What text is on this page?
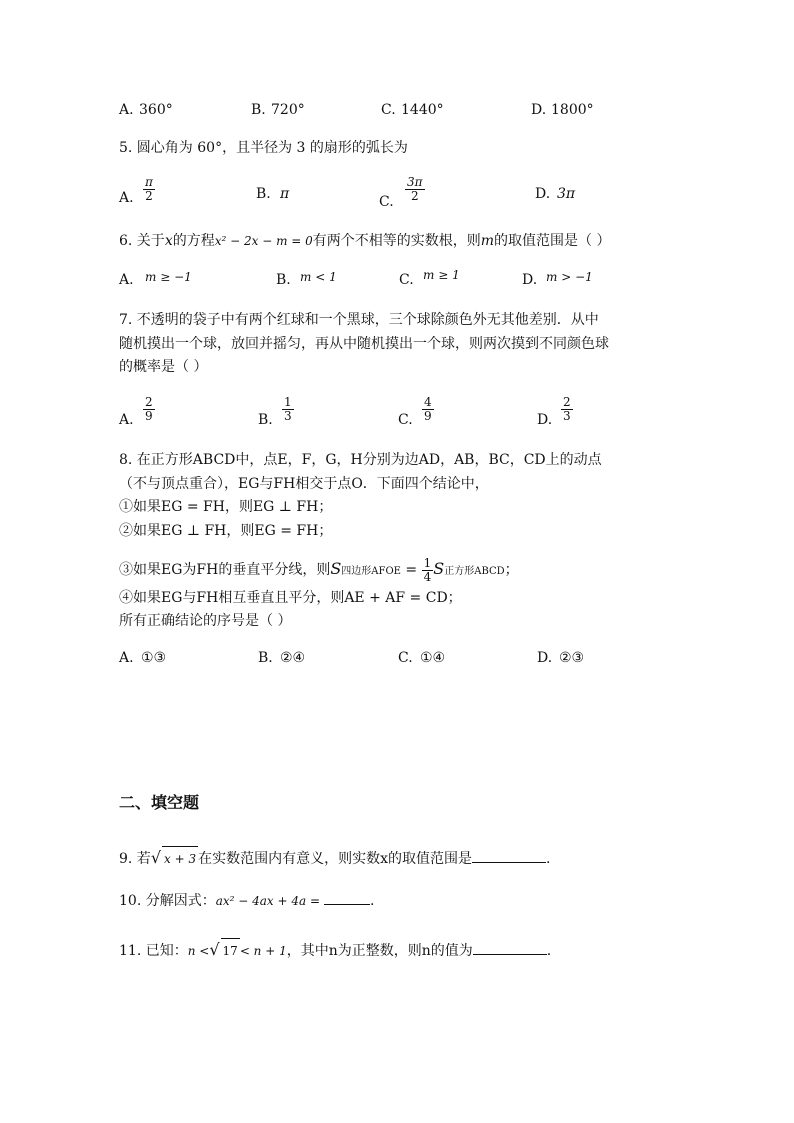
A. 360°	B. 720°	C. 1440°	D. 1800°
5. 圆心角为 60°，且半径为 3 的扇形的弧长为
A. $\frac{\pi}{2}$	B. π	C. $\frac{3\pi}{2}$	D. 3π
6. 关于x的方程x² − 2x − m = 0有两个不相等的实数根，则m的取值范围是（ ）
A. m ≥ −1	B. m < 1	C. m ≥ 1	D. m > −1
7. 不透明的袋子中有两个红球和一个黑球，三个球除颜色外无其他差别．从中
随机摸出一个球，放回并摇匀，再从中随机摸出一个球，则两次摸到不同颜色球
的概率是（ ）
A. $\frac{2}{9}$	B. $\frac{1}{3}$	C. $\frac{4}{9}$	D. $\frac{2}{3}$
8. 在正方形ABCD中，点E，F，G，H分别为边AD，AB，BC，CD上的动点
（不与顶点重合），EG与FH相交于点O．下面四个结论中，
①如果EG = FH，则EG ⊥ FH；
②如果EG ⊥ FH，则EG = FH；
③如果EG为FH的垂直平分线，则S四边形AFOE = $\frac{1}{4}$ S正方形ABCD；
④如果EG与FH相互垂直且平分，则AE + AF = CD；
所有正确结论的序号是（ ）
A. ①③	B. ②④	C. ①④	D. ②③
二、填空题
9. 若√ x + 3 在实数范围内有意义，则实数x的取值范围是	.
10. 分解因式：ax² − 4ax + 4a =	.
11. 已知：n <√ 17 < n + 1，其中n为正整数，则n的值为	.
